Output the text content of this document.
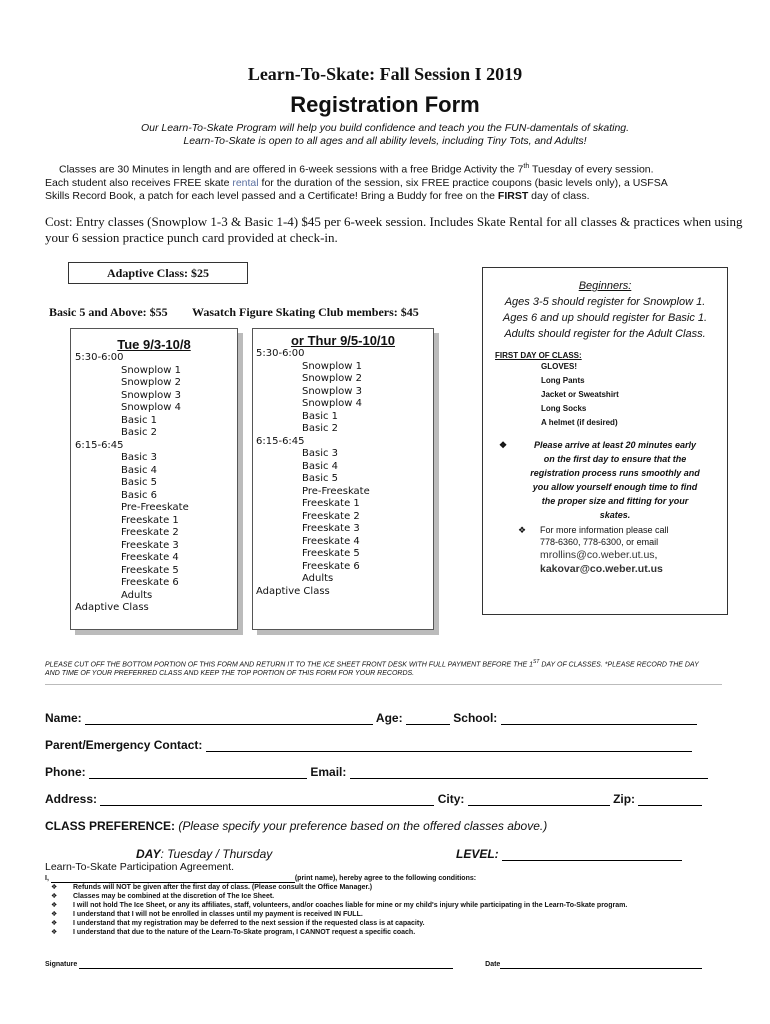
Learn-To-Skate: Fall Session I 2019
Registration Form
Our Learn-To-Skate Program will help you build confidence and teach you the FUN-damentals of skating.
Learn-To-Skate is open to all ages and all ability levels, including Tiny Tots, and Adults!
Classes are 30 Minutes in length and are offered in 6-week sessions with a free Bridge Activity the 7th Tuesday of every session.
Each student also receives FREE skate rental for the duration of the session, six FREE practice coupons (basic levels only), a USFSA
Skills Record Book, a patch for each level passed and a Certificate! Bring a Buddy for free on the FIRST day of class.
Cost: Entry classes (Snowplow 1-3 & Basic 1-4) $45 per 6-week session. Includes Skate Rental for all classes & practices when using
your 6 session practice punch card provided at check-in.
Adaptive Class: $25
Basic 5 and Above: $55 Wasatch Figure Skating Club members: $45
Tue 9/3-10/8
5:30-6:00
Snowplow 1
Snowplow 2
Snowplow 3
Snowplow 4
Basic 1
Basic 2
6:15-6:45
Basic 3
Basic 4
Basic 5
Basic 6
Pre-Freeskate
Freeskate 1
Freeskate 2
Freeskate 3
Freeskate 4
Freeskate 5
Freeskate 6
Adults
Adaptive Class
or Thur 9/5-10/10
5:30-6:00
Snowplow 1
Snowplow 2
Snowplow 3
Snowplow 4
Basic 1
Basic 2
6:15-6:45
Basic 3
Basic 4
Basic 5
Pre-Freeskate
Freeskate 1
Freeskate 2
Freeskate 3
Freeskate 4
Freeskate 5
Freeskate 6
Adults
Adaptive Class
Beginners:
Ages 3-5 should register for Snowplow 1.
Ages 6 and up should register for Basic 1.
Adults should register for the Adult Class.
FIRST DAY OF CLASS:
GLOVES!
Long Pants
Jacket or Sweatshirt
Long Socks
A helmet (if desired)
❖	Please arrive at least 20 minutes early
on the first day to ensure that the
registration process runs smoothly and
you allow yourself enough time to find
the proper size and fitting for your
skates.
❖ For more information please call
778-6360, 778-6300, or email
mrollins@co.weber.ut.us,
kakovar@co.weber.ut.us
PLEASE CUT OFF THE BOTTOM PORTION OF THIS FORM AND RETURN IT TO THE ICE SHEET FRONT DESK WITH FULL PAYMENT BEFORE THE 1ST DAY OF CLASSES. *PLEASE RECORD THE DAY
AND TIME OF YOUR PREFERRED CLASS AND KEEP THE TOP PORTION OF THIS FORM FOR YOUR RECORDS.
Name:	Age:	School:
Parent/Emergency Contact:
Phone:	Email:
Address:	City:	Zip:
CLASS PREFERENCE: (Please specify your preference based on the offered classes above.)
DAY: Tuesday / Thursday	LEVEL:
Learn-To-Skate Participation Agreement.
I,	(print name), hereby agree to the following conditions:
❖ Refunds will NOT be given after the first day of class. (Please consult the Office Manager.)
❖ Classes may be combined at the discretion of The Ice Sheet.
❖ I will not hold The Ice Sheet, or any its affiliates, staff, volunteers, and/or coaches liable for mine or my child's injury while participating in the Learn-To-Skate program.
❖ I understand that I will not be enrolled in classes until my payment is received IN FULL.
❖ I understand that my registration may be deferred to the next session if the requested class is at capacity.
❖ I understand that due to the nature of the Learn-To-Skate program, I CANNOT request a specific coach.
Signature	Date
